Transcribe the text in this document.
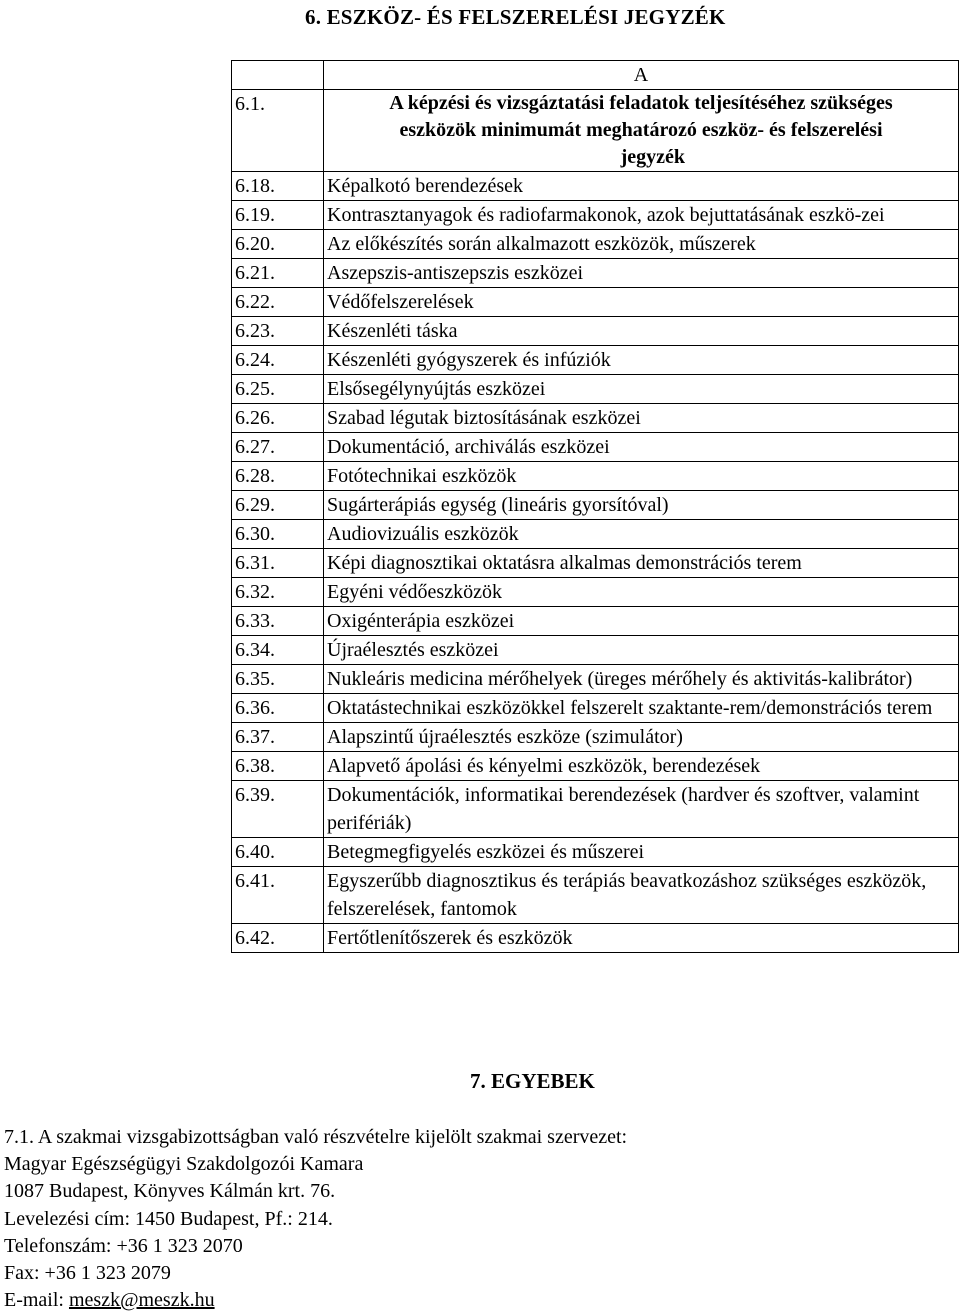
6. ESZKÖZ- ÉS FELSZERELÉSI JEGYZÉK
	A
6.1.	A képzési és vizsgáztatási feladatok teljesítéséhez szükséges
eszközök minimumát meghatározó eszköz- és felszerelési
jegyzék

6.18.	Képalkotó berendezések
6.19.	Kontrasztanyagok és radiofarmakonok, azok bejuttatásának eszkö-zei
6.20.	Az előkészítés során alkalmazott eszközök, műszerek
6.21.	Aszepszis-antiszepszis eszközei
6.22.	Védőfelszerelések
6.23.	Készenléti táska
6.24.	Készenléti gyógyszerek és infúziók
6.25.	Elsősegélynyújtás eszközei
6.26.	Szabad légutak biztosításának eszközei
6.27.	Dokumentáció, archiválás eszközei
6.28.	Fotótechnikai eszközök
6.29.	Sugárterápiás egység (lineáris gyorsítóval)
6.30.	Audiovizuális eszközök
6.31.	Képi diagnosztikai oktatásra alkalmas demonstrációs terem
6.32.	Egyéni védőeszközök
6.33.	Oxigénterápia eszközei
6.34.	Újraélesztés eszközei
6.35.	Nukleáris medicina mérőhelyek (üreges mérőhely és aktivitás-kalibrátor)
6.36.	Oktatástechnikai eszközökkel felszerelt szaktante-rem/demonstrációs terem
6.37.	Alapszintű újraélesztés eszköze (szimulátor)
6.38.	Alapvető ápolási és kényelmi eszközök, berendezések
6.39.	Dokumentációk, informatikai berendezések (hardver és szoftver, valamint perifériák)
6.40.	Betegmegfigyelés eszközei és műszerei
6.41.	Egyszerűbb diagnosztikus és terápiás beavatkozáshoz szükséges eszközök, felszerelések, fantomok
6.42.	Fertőtlenítőszerek és eszközök
7. EGYEBEK
7.1. A szakmai vizsgabizottságban való részvételre kijelölt szakmai szervezet:
Magyar Egészségügyi Szakdolgozói Kamara
1087 Budapest, Könyves Kálmán krt. 76.
Levelezési cím: 1450 Budapest, Pf.: 214.
Telefonszám: +36 1 323 2070
Fax: +36 1 323 2079
E-mail: meszk@meszk.hu
